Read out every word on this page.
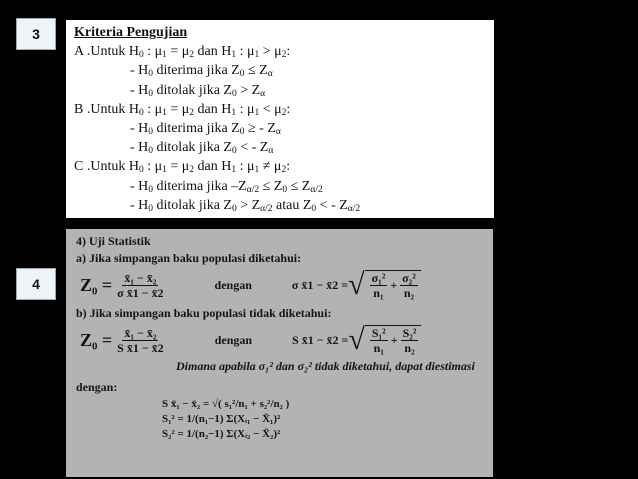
3
4
Kriteria Pengujian
A .Untuk $H_0$ : $\mu_1 = \mu_2$ dan $H_1$ : $\mu_1 > \mu_2$:
- $H_0$ diterima jika $Z_0 \le Z_\alpha$
- $H_0$ ditolak jika $Z_0 > Z_\alpha$
B .Untuk $H_0$ : $\mu_1 = \mu_2$ dan $H_1$ : $\mu_1 < \mu_2$:
- $H_0$ diterima jika $Z_0$ ≥ - $Z_\alpha$
- $H_0$ ditolak jika $Z_0$ < - $Z_\alpha$
C .Untuk $H_0$ : $\mu_1 = \mu_2$ dan $H_1$ : $\mu_1 \ne \mu_2$:
- $H_0$ diterima jika $-Z_{\alpha/2} \le Z_0 \le Z_{\alpha/2}$
- $H_0$ ditolak jika $Z_0 > Z_{\alpha/2}$ atau $Z_0$ < - $Z_{\alpha/2}$
4) Uji Statistik
a) Jika simpangan baku populasi diketahui:
$Z_0 = \frac{\text{x̄₁ − x̄₂}}{\text{σ x̄1 − x̄2}}$	dengan	σ x̄1 − x̄2 = √ $\frac{\text{σ₁²}}{\text{n₁}} + \frac{\text{σ₂²}}{\text{n₂}}$
b) Jika simpangan baku populasi tidak diketahui:
$Z_0 = \frac{\text{x̄₁ − x̄₂}}{\text{S x̄1 − x̄2}}$	dengan	S x̄1 − x̄2 = √ $\frac{\text{S₁²}}{\text{n₁}} + \frac{\text{S₂²}}{\text{n₂}}$
Dimana apabila σ₁² dan σ₂² tidak diketahui, dapat diestimasi
dengan:
S x̄₁ − x̄₂ = √( s₁²/n₁ + s₂²/n₂ )
S₁² = 1/(n₁−1) Σ(Xᵢ₁ − X̄₁)²
S₂² = 1/(n₂−1) Σ(Xᵢ₂ − X̄₂)²
